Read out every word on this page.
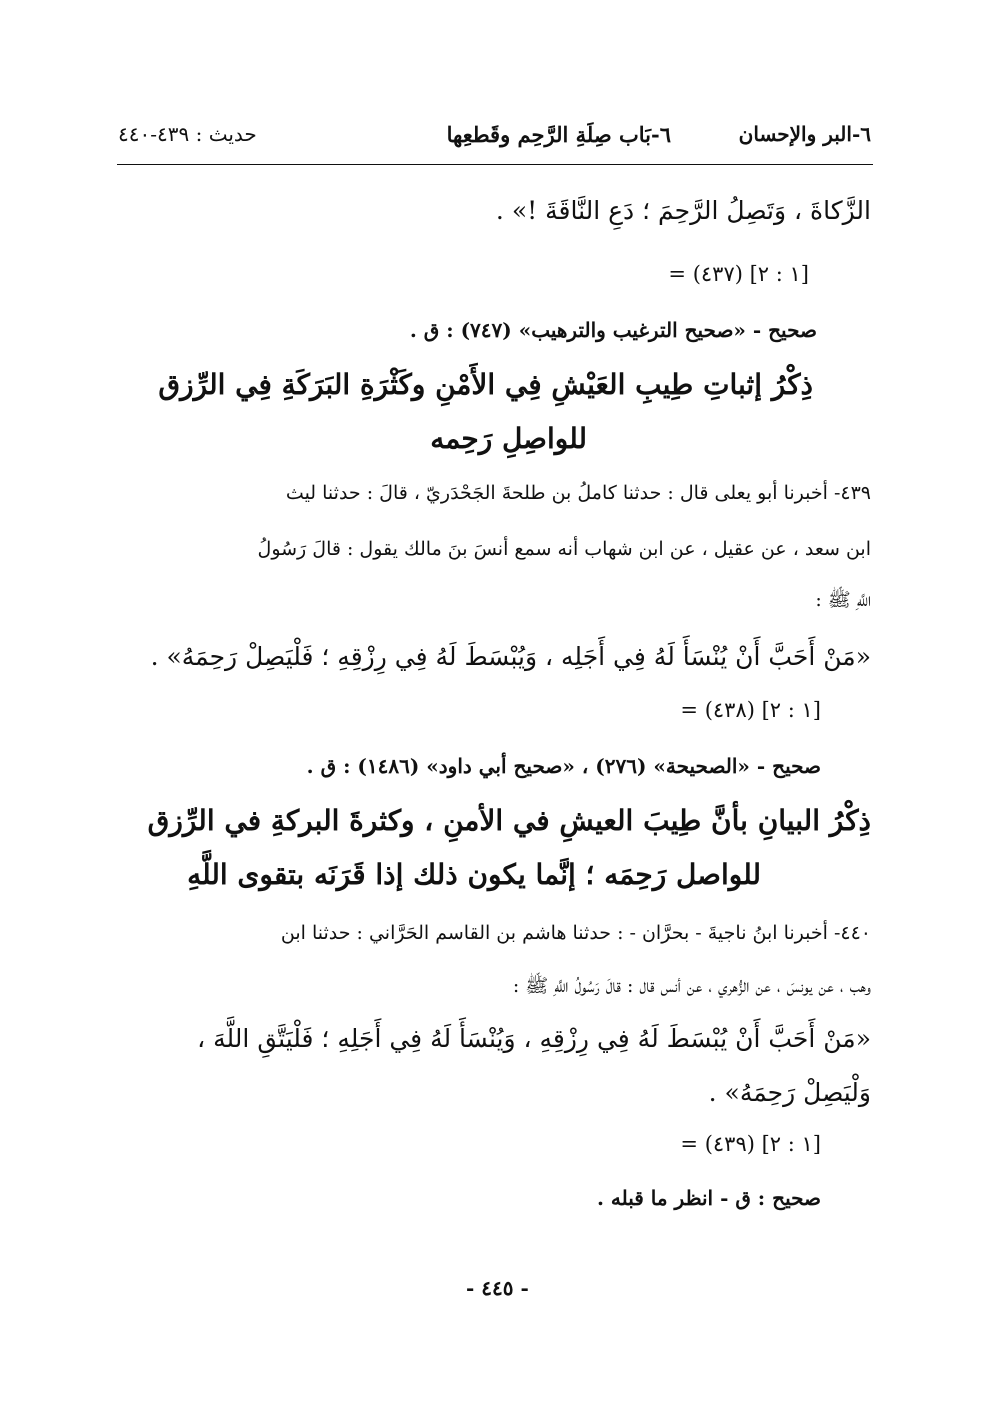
٦-البر والإحسان
٦-بَاب صِلَةِ الرَّحِم وقَطعِها
حديث : ٤٣٩-٤٤٠
الزَّكاةَ ، وَتَصِلُ الرَّحِمَ ؛ دَعِ النَّاقَةَ !» .
= (٤٣٧) [١ : ٢]
صحيح - «صحيح الترغيب والترهيب» (٧٤٧) : ق .
ذِكْرُ إثباتِ طِيبِ العَيْشِ فِي الأَمْنِ وكَثْرَةِ البَرَكَةِ فِي الرِّزق
للواصِلِ رَحِمه
٤٣٩- أخبرنا أبو يعلى قال : حدثنا كاملُ بن طلحةَ الجَحْدَريّ ، قالَ : حدثنا ليث
ابن سعد ، عن عقيل ، عن ابن شهاب أنه سمع أنسَ بنَ مالك يقول : قالَ رَسُولُ
اللَّهِ ﷺ :
«مَنْ أَحَبَّ أَنْ يُنْسَأَ لَهُ فِي أَجَلِه ، وَيُبْسَطَ لَهُ فِي رِزْقِهِ ؛ فَلْيَصِلْ رَحِمَهُ» .
= (٤٣٨) [١ : ٢]
صحيح - «الصحيحة» (٢٧٦) ، «صحيح أبي داود» (١٤٨٦) : ق .
ذِكْرُ البيانِ بأنَّ طِيبَ العيشِ في الأمنِ ، وكثرةَ البركةِ في الرِّزق
للواصل رَحِمَه ؛ إنَّما يكون ذلك إذا قَرَنَه بتقوى اللَّهِ
٤٤٠- أخبرنا ابنُ ناجيةَ - بحرَّان - : حدثنا هاشم بن القاسم الحَرَّاني : حدثنا ابن
وهب ، عن يونسَ ، عن الزُّهري ، عن أنس قال : قالَ رَسُولُ اللَّهِ ﷺ :
«مَنْ أَحَبَّ أَنْ يُبْسَطَ لَهُ فِي رِزْقِهِ ، وَيُنْسَأَ لَهُ فِي أَجَلِهِ ؛ فَلْيَتَّقِ اللَّهَ ،
وَلْيَصِلْ رَحِمَهُ» .
= (٤٣٩) [١ : ٢]
صحيح : ق - انظر ما قبله .
- ٤٤٥ -
